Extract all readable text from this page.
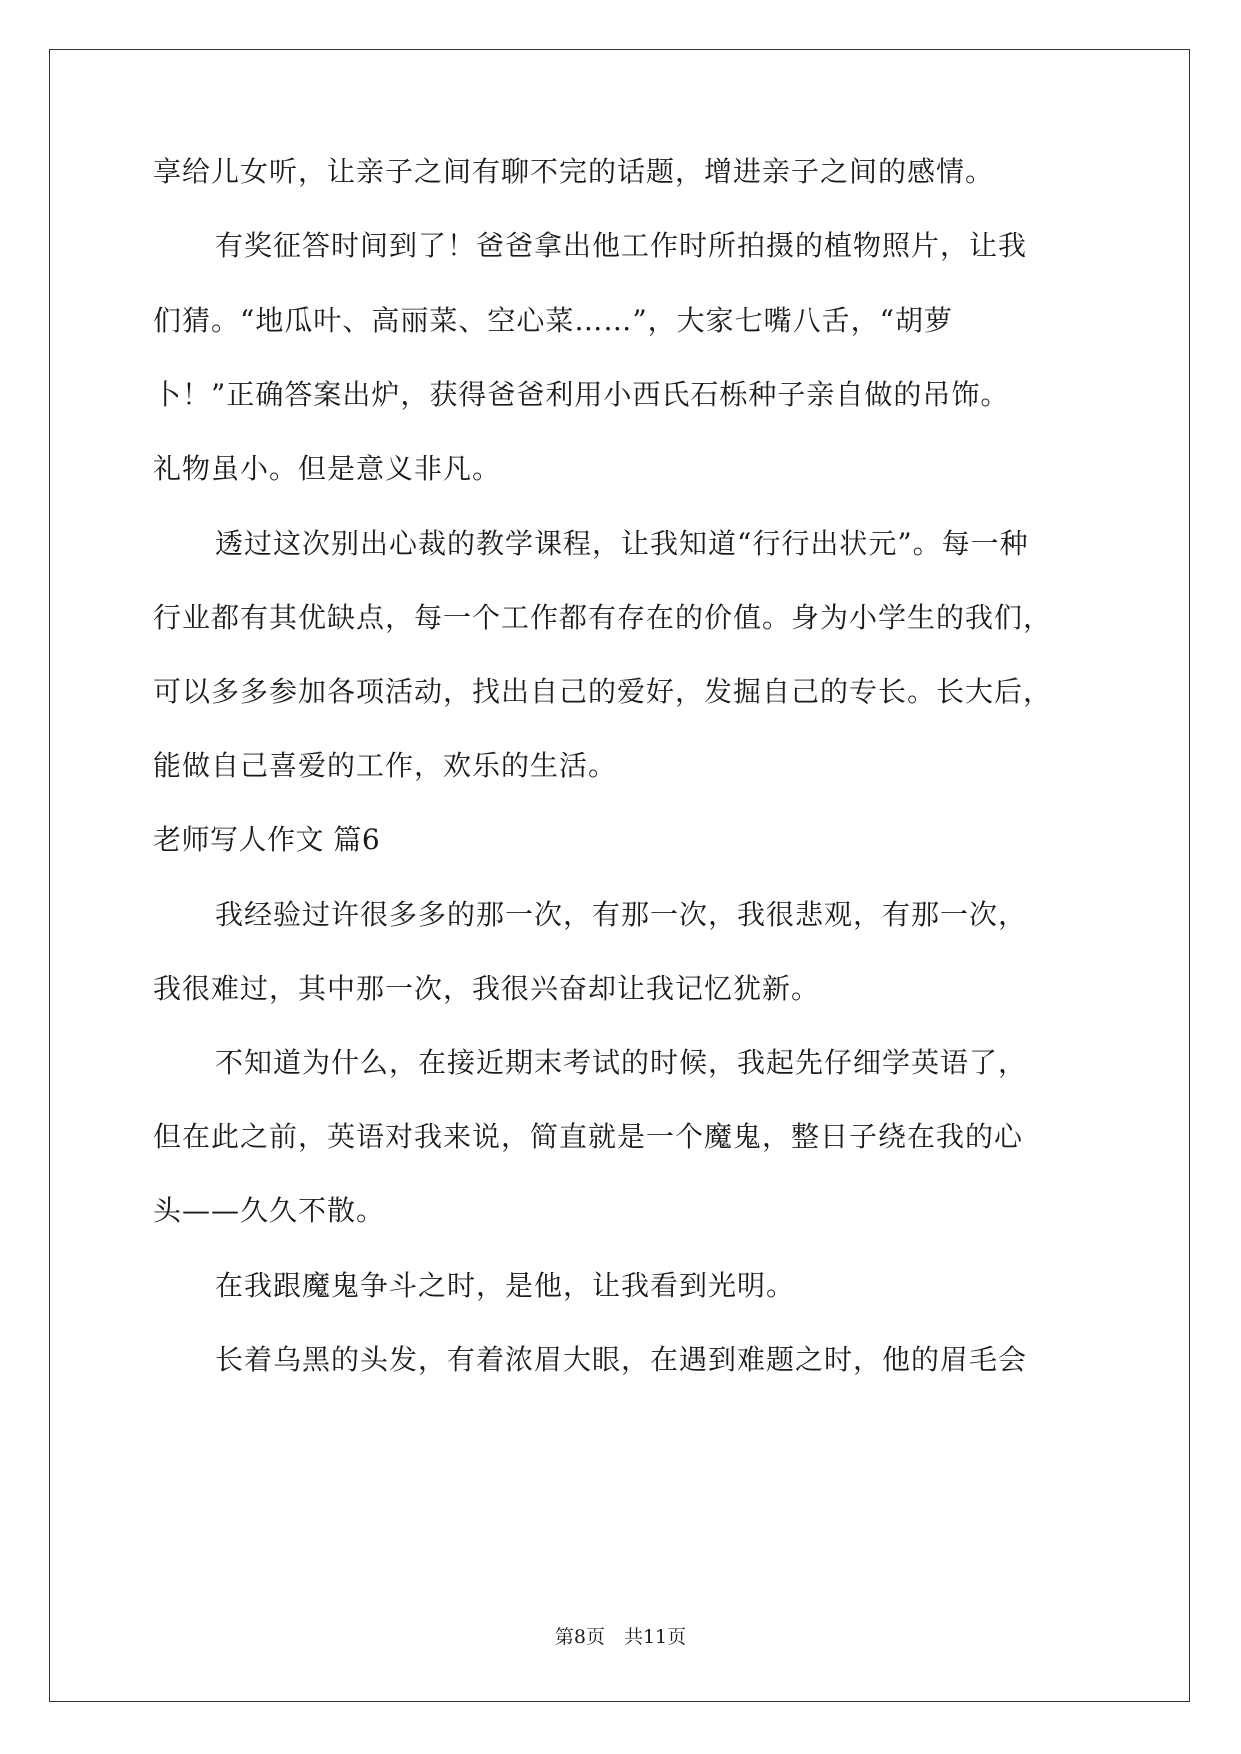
享给儿女听，让亲子之间有聊不完的话题，增进亲子之间的感情。

有奖征答时间到了！爸爸拿出他工作时所拍摄的植物照片，让我

们猜。“地瓜叶、高丽菜、空心菜……”，大家七嘴八舌，“胡萝

卜！”正确答案出炉，获得爸爸利用小西氏石栎种子亲自做的吊饰。

礼物虽小。但是意义非凡。

透过这次别出心裁的教学课程，让我知道“行行出状元”。每一种

行业都有其优缺点，每一个工作都有存在的价值。身为小学生的我们，

可以多多参加各项活动，找出自己的爱好，发掘自己的专长。长大后，

能做自己喜爱的工作，欢乐的生活。

老师写人作文 篇6

我经验过许很多多的那一次，有那一次，我很悲观，有那一次，

我很难过，其中那一次，我很兴奋却让我记忆犹新。

不知道为什么，在接近期末考试的时候，我起先仔细学英语了，

但在此之前，英语对我来说，简直就是一个魔鬼，整日子绕在我的心

头——久久不散。

在我跟魔鬼争斗之时，是他，让我看到光明。

长着乌黑的头发，有着浓眉大眼，在遇到难题之时，他的眉毛会

第8页　共11页
